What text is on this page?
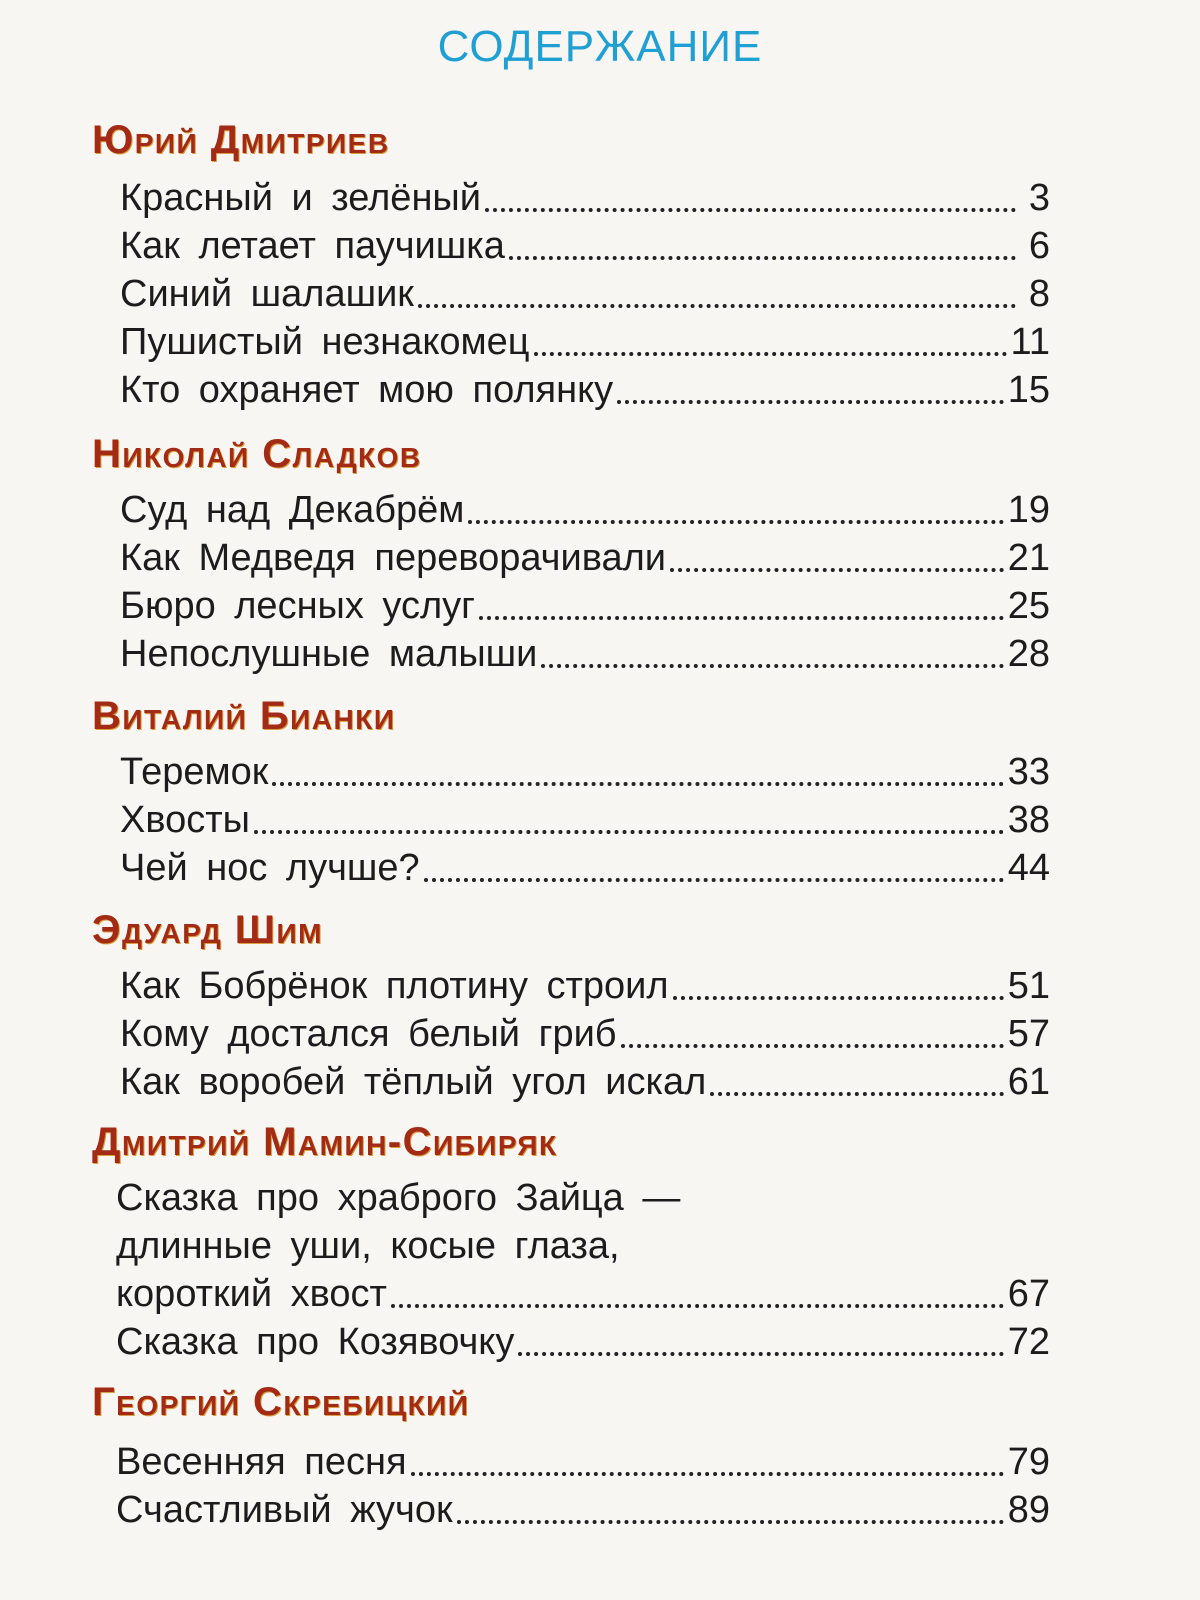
СОДЕРЖАНИЕ
Юрий Дмитриев
Красный и зелёный	3
Как летает паучишка	6
Синий шалашик	8
Пушистый незнакомец	11
Кто охраняет мою полянку	15
Николай Сладков
Суд над Декабрём	19
Как Медведя переворачивали	21
Бюро лесных услуг	25
Непослушные малыши	28
Виталий Бианки
Теремок	33
Хвосты	38
Чей нос лучше?	44
Эдуард Шим
Как Бобрёнок плотину строил	51
Кому достался белый гриб	57
Как воробей тёплый угол искал	61
Дмитрий Мамин-Сибиряк
Сказка про храброго Зайца —
длинные уши, косые глаза,
короткий хвост	67
Сказка про Козявочку	72
Георгий Скребицкий
Весенняя песня	79
Счастливый жучок	89
